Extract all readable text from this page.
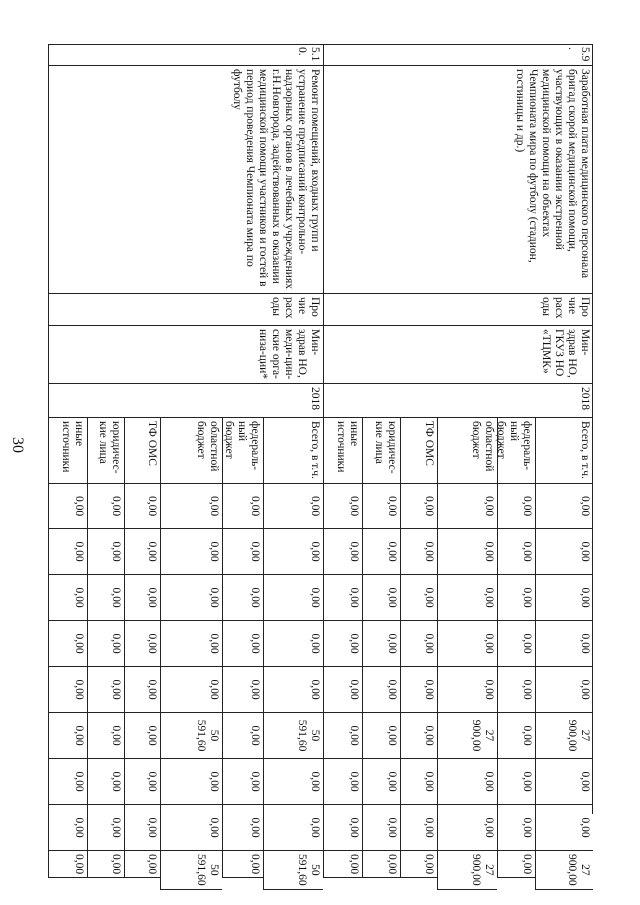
30
5.9.
Заработная плата медицинского персонала бригад скорой медицинской помощи, участвующих в оказании экстренной медицинской помощи на объектах Чемпионата мира по футболу (стадион, гостиницы и др.)
Прочие расходы
Мин-здрав НО, ГКУЗ НО «ТЦМК»
2018
Всего, в т.ч.
0,00
0,00
0,00
0,00
0,00
27 900,00
0,00
0,00
27 900,00
федераль-ный бюджет
0,00
0,00
0,00
0,00
0,00
0,00
0,00
0,00
0,00
областной бюджет
0,00
0,00
0,00
0,00
0,00
27 900,00
0,00
0,00
27 900,00
ТФ ОМС
0,00
0,00
0,00
0,00
0,00
0,00
0,00
0,00
0,00
юридичес-кие лица
0,00
0,00
0,00
0,00
0,00
0,00
0,00
0,00
0,00
иные источники
0,00
0,00
0,00
0,00
0,00
0,00
0,00
0,00
0,00
5.10.
Ремонт помещений, входных групп и устранение предписаний контрольно-надзорных органов в лечебных учреждениях г.Н.Новгорода, задействованных в оказании медицинской помощи участников и гостей в период проведения Чемпионата мира по футболу
Прочие расходы
Мин-здрав НО, меди-цин-ские орга-низа-ции*
2018
Всего, в т.ч.
0,00
0,00
0,00
0,00
0,00
50 591,60
0,00
0,00
50 591,60
федераль-ный бюджет
0,00
0,00
0,00
0,00
0,00
0,00
0,00
0,00
0,00
областной бюджет
0,00
0,00
0,00
0,00
0,00
50 591,60
0,00
0,00
50 591,60
ТФ ОМС
0,00
0,00
0,00
0,00
0,00
0,00
0,00
0,00
0,00
юридичес-кие лица
0,00
0,00
0,00
0,00
0,00
0,00
0,00
0,00
0,00
иные источники
0,00
0,00
0,00
0,00
0,00
0,00
0,00
0,00
0,00
